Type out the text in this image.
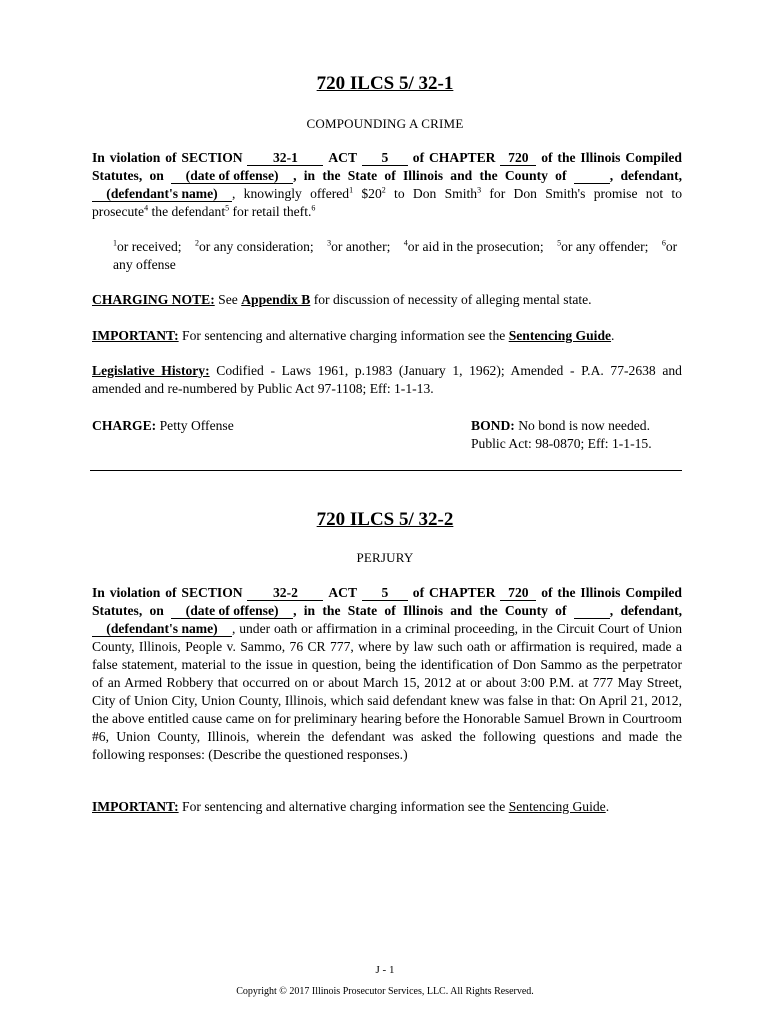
720 ILCS 5/ 32-1
COMPOUNDING A CRIME
In violation of SECTION 32-1 ACT 5 of CHAPTER 720 of the Illinois Compiled Statutes, on (date of offense) , in the State of Illinois and the County of	, defendant, (defendant's name) , knowingly offered$^1$ $\$20^2$ to Don Smith$^3$ for Don Smith's promise not to prosecute$^4$ the defendant$^5$ for retail theft.$^6$
$^1$or received; $^2$or any consideration; $^3$or another; $^4$or aid in the prosecution; $^5$or any offender; $^6$or any offense
CHARGING NOTE: See Appendix B for discussion of necessity of alleging mental state.
IMPORTANT: For sentencing and alternative charging information see the Sentencing Guide.
Legislative History: Codified - Laws 1961, p.1983 (January 1, 1962); Amended - P.A. 77-2638 and amended and re-numbered by Public Act 97-1108; Eff: 1-1-13.
CHARGE: Petty Offense	BOND: No bond is now needed.
Public Act: 98-0870; Eff: 1-1-15.
720 ILCS 5/ 32-2
PERJURY
In violation of SECTION 32-2 ACT 5 of CHAPTER 720 of the Illinois Compiled Statutes, on (date of offense) , in the State of Illinois and the County of	, defendant, (defendant's name) , under oath or affirmation in a criminal proceeding, in the Circuit Court of Union County, Illinois, People v. Sammo, 76 CR 777, where by law such oath or affirmation is required, made a false statement, material to the issue in question, being the identification of Don Sammo as the perpetrator of an Armed Robbery that occurred on or about March 15, 2012 at or about 3:00 P.M. at 777 May Street, City of Union City, Union County, Illinois, which said defendant knew was false in that: On April 21, 2012, the above entitled cause came on for preliminary hearing before the Honorable Samuel Brown in Courtroom #6, Union County, Illinois, wherein the defendant was asked the following questions and made the following responses: (Describe the questioned responses.)
IMPORTANT: For sentencing and alternative charging information see the Sentencing Guide.
J - 1
Copyright © 2017 Illinois Prosecutor Services, LLC. All Rights Reserved.
